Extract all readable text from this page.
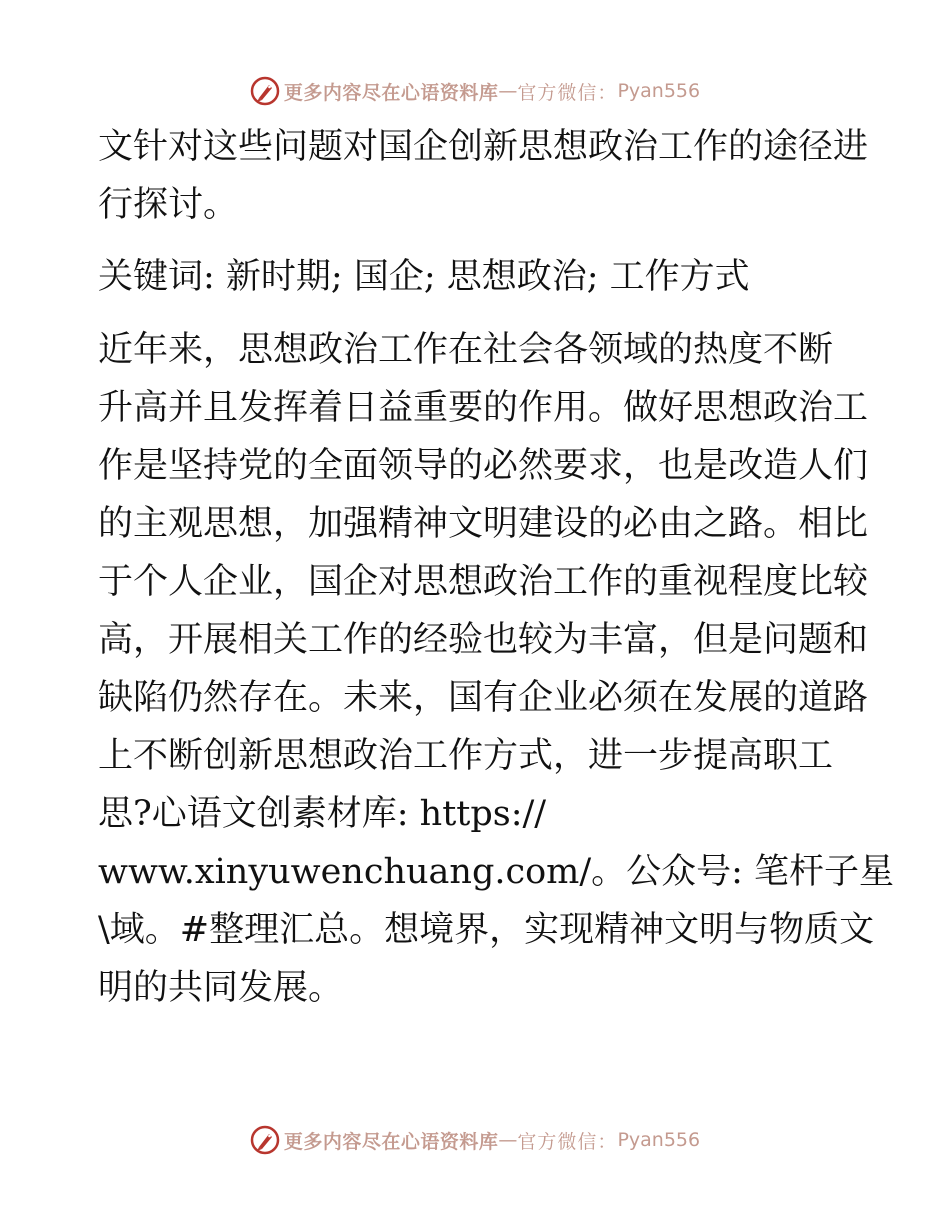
更多内容尽在心语资料库 — 官方微信： Pyan556
文针对这些问题对国企创新思想政治工作的途径进
行探讨。
关键词: 新时期; 国企; 思想政治; 工作方式
近年来，思想政治工作在社会各领域的热度不断
升高并且发挥着日益重要的作用。做好思想政治工
作是坚持党的全面领导的必然要求，也是改造人们
的主观思想，加强精神文明建设的必由之路。相比
于个人企业，国企对思想政治工作的重视程度比较
高，开展相关工作的经验也较为丰富，但是问题和
缺陷仍然存在。未来，国有企业必须在发展的道路
上不断创新思想政治工作方式，进一步提高职工
思?心语文创素材库: https://
www.xinyuwenchuang.com/。公众号: 笔杆子星
\域。#整理汇总。想境界，实现精神文明与物质文
明的共同发展。
更多内容尽在心语资料库 — 官方微信： Pyan556
